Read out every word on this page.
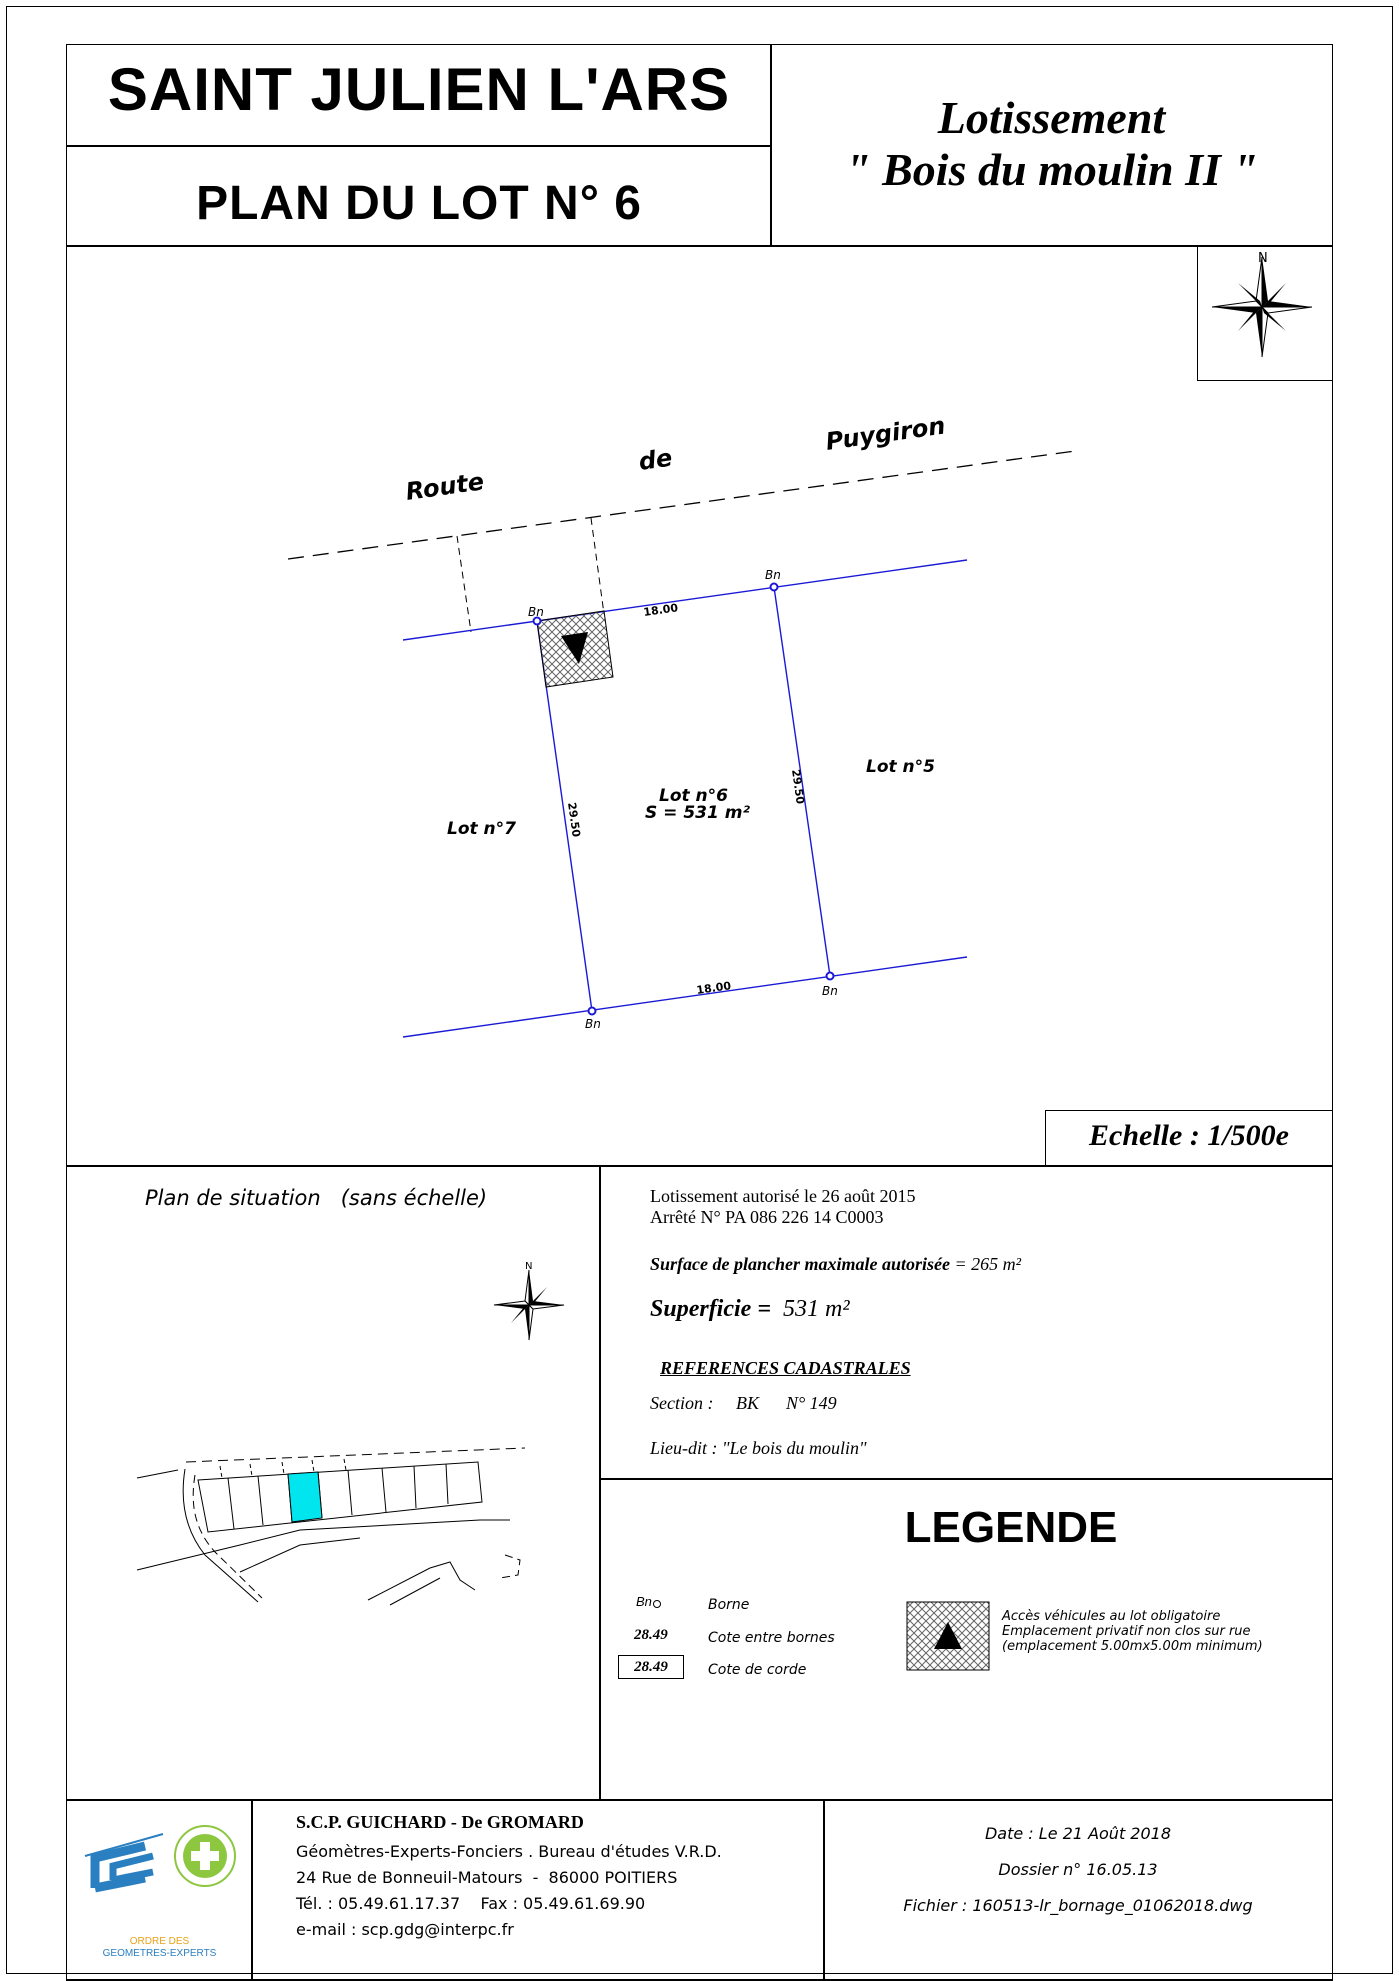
SAINT JULIEN L'ARS
PLAN DU LOT N° 6
Lotissement
" Bois du moulin II "
N
Route
de
Puygiron
Bn
Bn
Bn
Bn
18.00
18.00
29.50
29.50
Lot n°6
S = 531 m²
Lot n°5
Lot n°7
Echelle : 1/500e
Plan de situation   (sans échelle)
N
Lotissement autorisé le 26 août 2015
Arrêté N° PA 086 226 14 C0003
Surface de plancher maximale autorisée = 265 m²
Superficie = 531 m²
REFERENCES CADASTRALES
Section :     BK      N° 149
Lieu-dit : "Le bois du moulin"
LEGENDE
Bn	Borne
28.49	Cote entre bornes
28.49	Cote de corde
Accès véhicules au lot obligatoire
Emplacement privatif non clos sur rue
(emplacement 5.00mx5.00m minimum)
ORDRE DES
GEOMETRES-EXPERTS
S.C.P. GUICHARD - De GROMARD
Géomètres-Experts-Fonciers . Bureau d'études V.R.D.
24 Rue de Bonneuil-Matours  -  86000 POITIERS
Tél. : 05.49.61.17.37    Fax : 05.49.61.69.90
e-mail : scp.gdg@interpc.fr
Date : Le 21 Août 2018
Dossier n° 16.05.13
Fichier : 160513-lr_bornage_01062018.dwg
